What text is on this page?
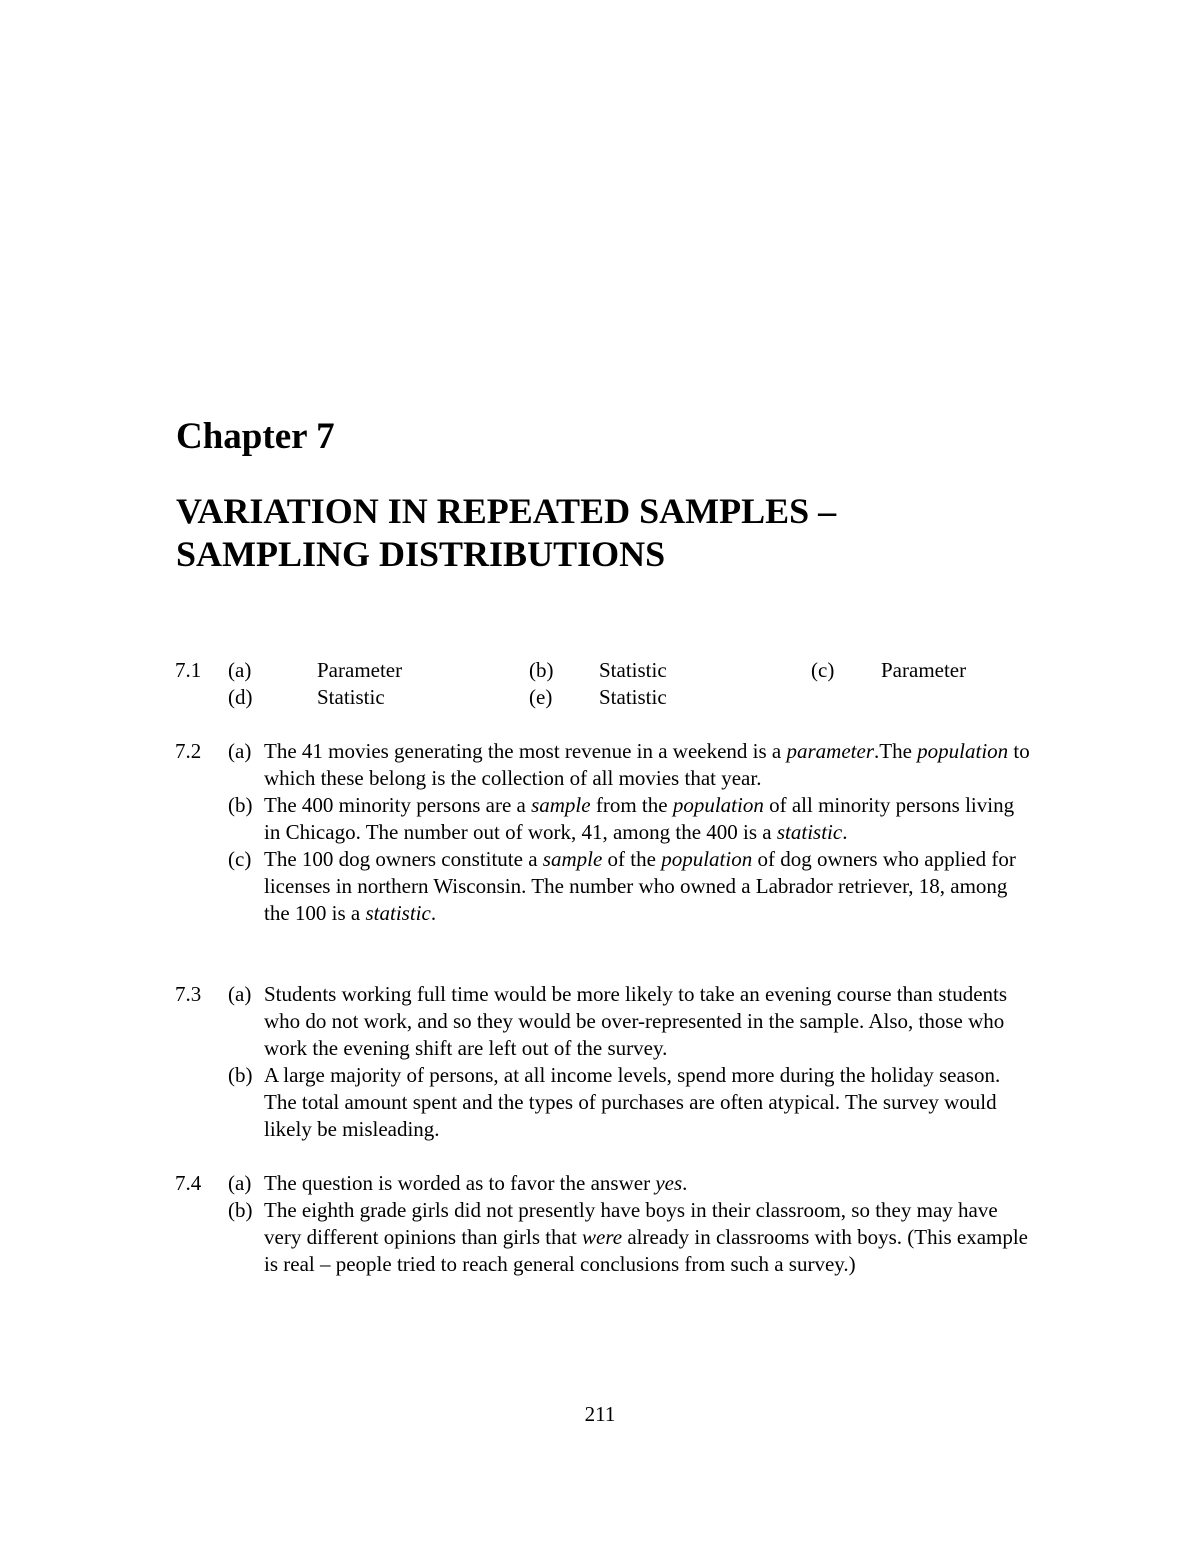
Chapter 7
VARIATION IN REPEATED SAMPLES –
SAMPLING DISTRIBUTIONS
7.1 (a)	Parameter	(b) Statistic	(c) Parameter
(d)	Statistic	(e) Statistic
7.2 (a) The 41 movies generating the most revenue in a weekend is a parameter.The population to which these belong is the collection of all movies that year.
(b) The 400 minority persons are a sample from the population of all minority persons living in Chicago. The number out of work, 41, among the 400 is a statistic.
(c) The 100 dog owners constitute a sample of the population of dog owners who applied for licenses in northern Wisconsin. The number who owned a Labrador retriever, 18, among the 100 is a statistic.
7.3 (a) Students working full time would be more likely to take an evening course than students who do not work, and so they would be over-represented in the sample. Also, those who work the evening shift are left out of the survey.
(b) A large majority of persons, at all income levels, spend more during the holiday season. The total amount spent and the types of purchases are often atypical. The survey would likely be misleading.
7.4 (a) The question is worded as to favor the answer yes.
(b) The eighth grade girls did not presently have boys in their classroom, so they may have very different opinions than girls that were already in classrooms with boys. (This example is real – people tried to reach general conclusions from such a survey.)
211
